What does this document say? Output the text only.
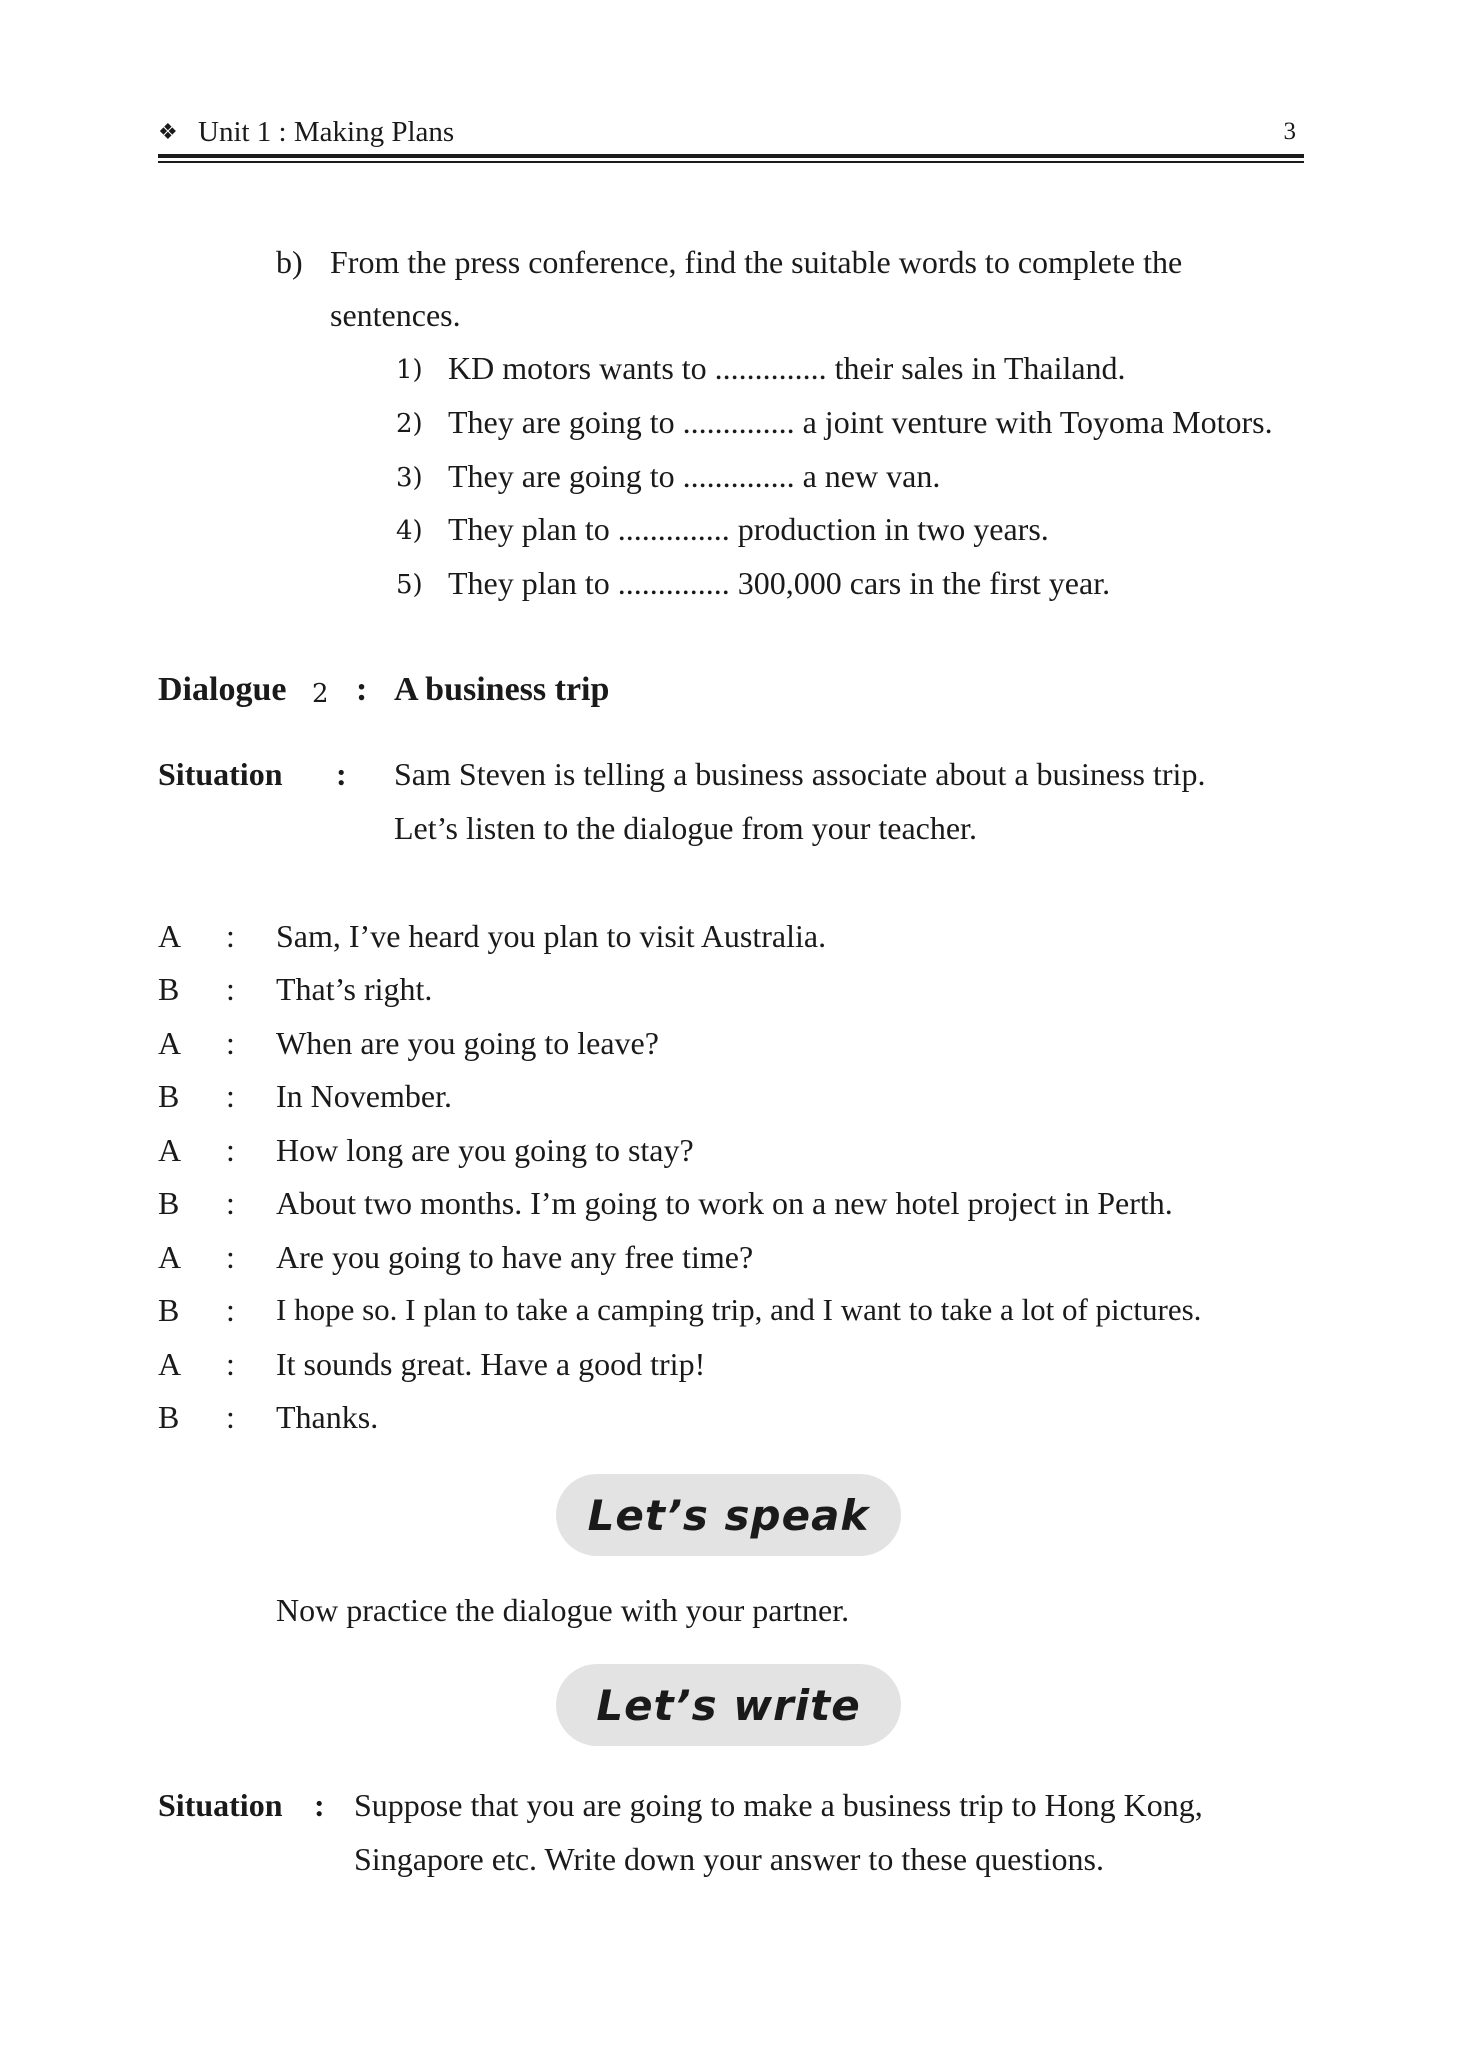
❖ Unit 1 : Making Plans	3
b) From the press conference, find the suitable words to complete the
sentences.
1) KD motors wants to .............. their sales in Thailand.
2) They are going to .............. a joint venture with Toyoma Motors.
3) They are going to .............. a new van.
4) They plan to .............. production in two years.
5) They plan to .............. 300,000 cars in the first year.
Dialogue 2 : A business trip
Situation : Sam Steven is telling a business associate about a business trip.
Let’s listen to the dialogue from your teacher.
A : Sam, I’ve heard you plan to visit Australia.
B : That’s right.
A : When are you going to leave?
B : In November.
A : How long are you going to stay?
B : About two months. I’m going to work on a new hotel project in Perth.
A : Are you going to have any free time?
B : I hope so. I plan to take a camping trip, and I want to take a lot of pictures.
A : It sounds great. Have a good trip!
B : Thanks.
Let’s speak
Now practice the dialogue with your partner.
Let’s write
Situation : Suppose that you are going to make a business trip to Hong Kong,
Singapore etc. Write down your answer to these questions.
